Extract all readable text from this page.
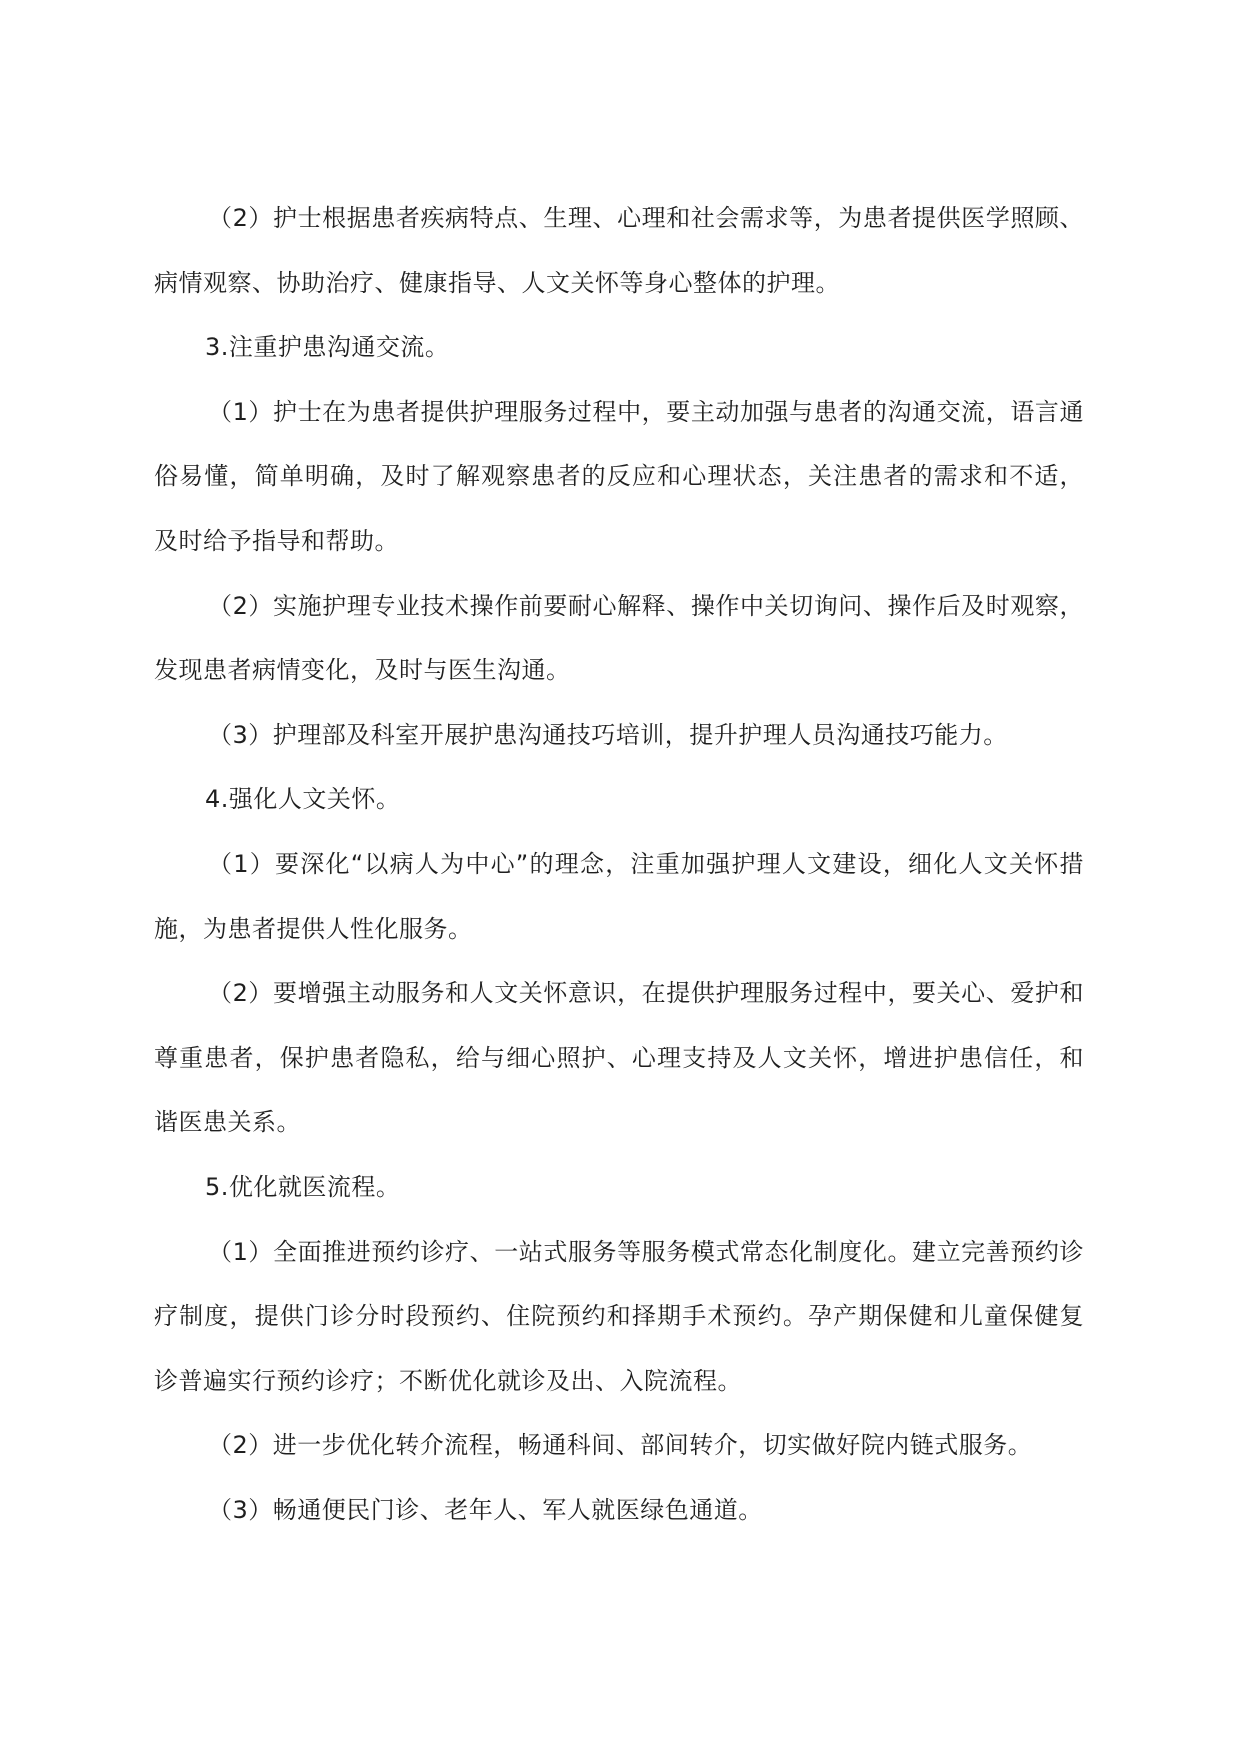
（2）护士根据患者疾病特点、生理、心理和社会需求等，为患者提供医学照顾、病情观察、协助治疗、健康指导、人文关怀等身心整体的护理。

3.注重护患沟通交流。

（1）护士在为患者提供护理服务过程中，要主动加强与患者的沟通交流，语言通俗易懂，简单明确，及时了解观察患者的反应和心理状态，关注患者的需求和不适，及时给予指导和帮助。

（2）实施护理专业技术操作前要耐心解释、操作中关切询问、操作后及时观察，发现患者病情变化，及时与医生沟通。

（3）护理部及科室开展护患沟通技巧培训，提升护理人员沟通技巧能力。

4.强化人文关怀。

（1）要深化“以病人为中心”的理念，注重加强护理人文建设，细化人文关怀措施，为患者提供人性化服务。

（2）要增强主动服务和人文关怀意识，在提供护理服务过程中，要关心、爱护和尊重患者，保护患者隐私，给与细心照护、心理支持及人文关怀，增进护患信任，和谐医患关系。

5.优化就医流程。

（1）全面推进预约诊疗、一站式服务等服务模式常态化制度化。建立完善预约诊疗制度，提供门诊分时段预约、住院预约和择期手术预约。孕产期保健和儿童保健复诊普遍实行预约诊疗；不断优化就诊及出、入院流程。

（2）进一步优化转介流程，畅通科间、部间转介，切实做好院内链式服务。

（3）畅通便民门诊、老年人、军人就医绿色通道。
